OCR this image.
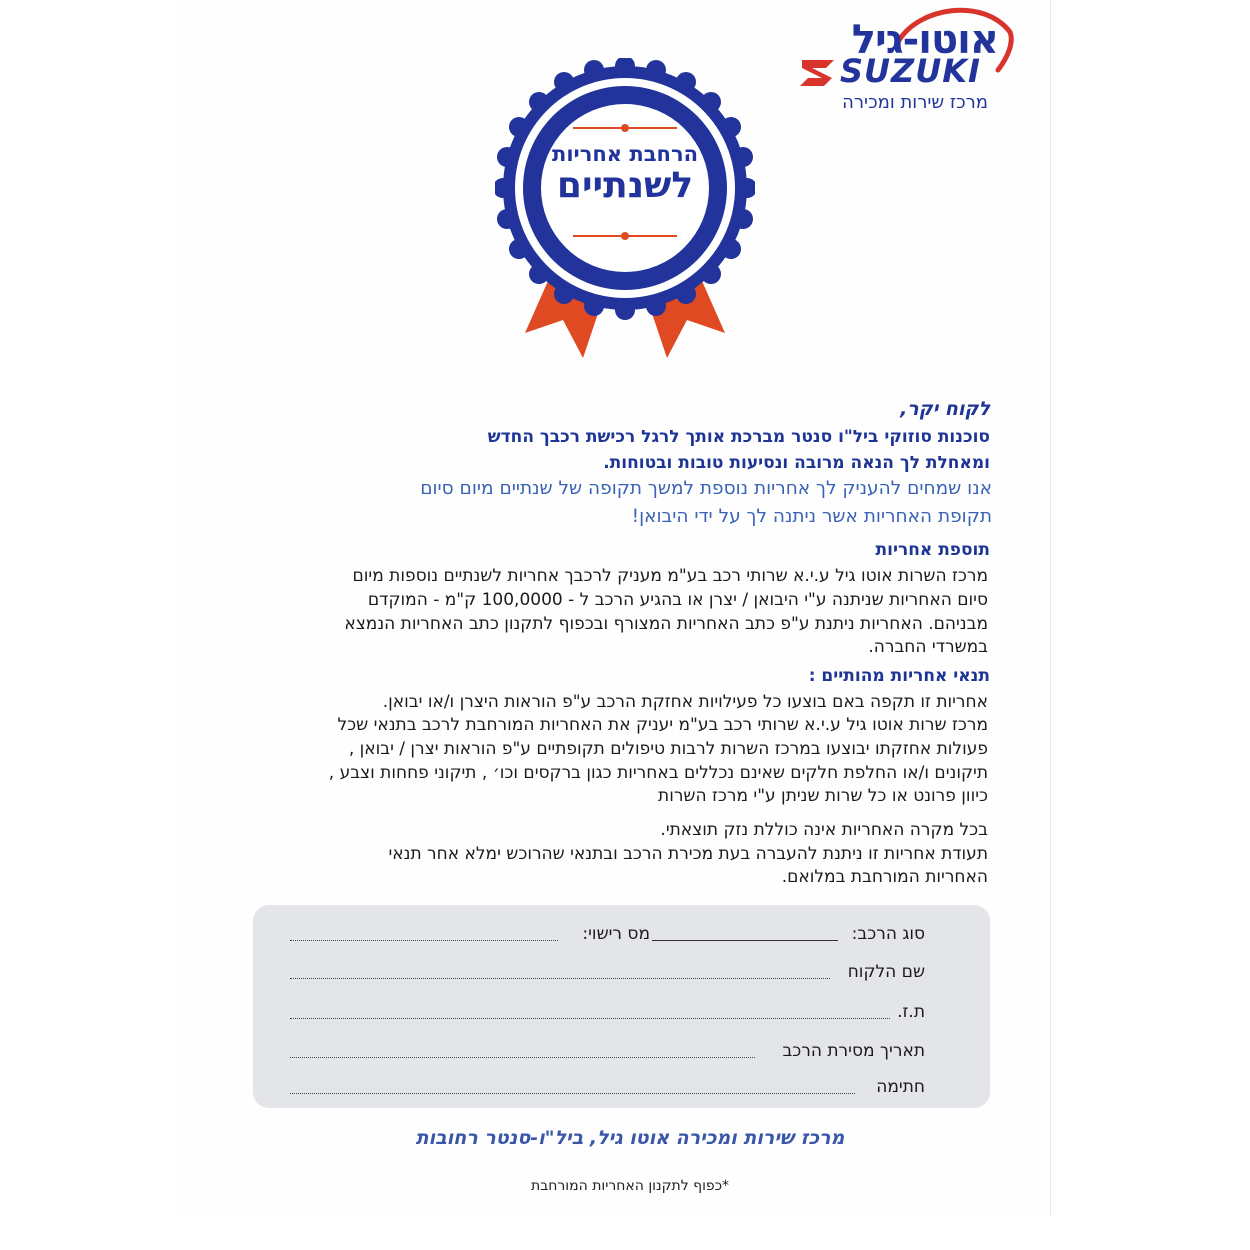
אוטו-גיל
SUZUKI
מרכז שירות ומכירה
הרחבת אחריות
לשנתיים
לקוח יקר,
סוכנות סוזוקי ביל"ו סנטר מברכת אותך לרגל רכישת רכבך החדש
ומאחלת לך הנאה מרובה ונסיעות טובות ובטוחות.
אנו שמחים להעניק לך אחריות נוספת למשך תקופה של שנתיים מיום סיום
תקופת האחריות אשר ניתנה לך על ידי היבואן!
תוספת אחריות
מרכז השרות אוטו גיל ע.י.א שרותי רכב בע"מ מעניק לרכבך אחריות לשנתיים נוספות מיום
סיום האחריות שניתנה ע"י היבואן / יצרן או בהגיע הרכב ל - 100,0000 ק"מ - המוקדם
מבניהם. האחריות ניתנת ע"פ כתב האחריות המצורף ובכפוף לתקנון כתב האחריות הנמצא
במשרדי החברה.
תנאי אחריות מהותיים :
אחריות זו תקפה באם בוצעו כל פעילויות אחזקת הרכב ע"פ הוראות היצרן ו/או יבואן.
מרכז שרות אוטו גיל ע.י.א שרותי רכב בע"מ יעניק את האחריות המורחבת לרכב בתנאי שכל
פעולות אחזקתו יבוצעו במרכז השרות לרבות טיפולים תקופתיים ע"פ הוראות יצרן / יבואן ,
תיקונים ו/או החלפת חלקים שאינם נכללים באחריות כגון ברקסים וכו׳ , תיקוני פחחות וצבע ,
כיוון פרונט או כל שרות שניתן ע"י מרכז השרות
בכל מקרה האחריות אינה כוללת נזק תוצאתי.
תעודת אחריות זו ניתנת להעברה בעת מכירת הרכב ובתנאי שהרוכש ימלא אחר תנאי
האחריות המורחבת במלואם.
סוג הרכב:
מס רישוי:
שם הלקוח
ת.ז.
תאריך מסירת הרכב
חתימה
מרכז שירות ומכירה אוטו גיל, ביל"ו-סנטר רחובות
*כפוף לתקנון האחריות המורחבת
